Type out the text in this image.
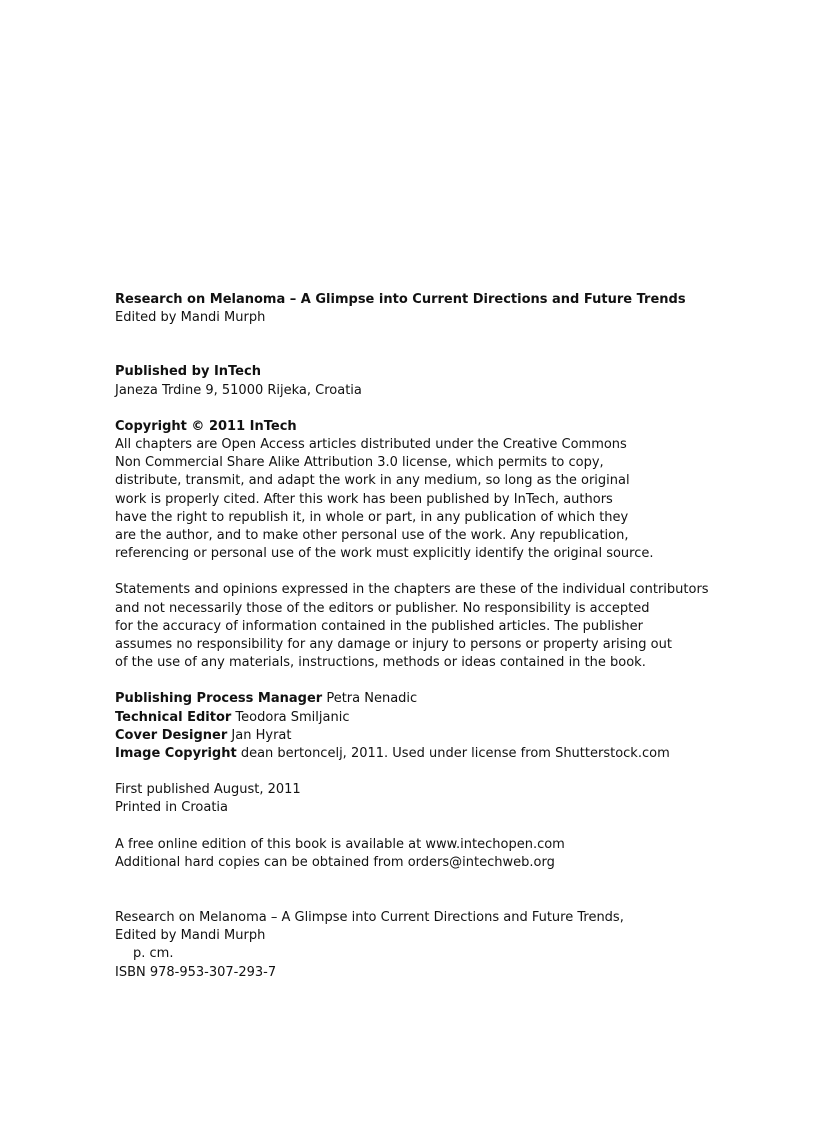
Research on Melanoma – A Glimpse into Current Directions and Future Trends
Edited by Mandi Murph
Published by InTech
Janeza Trdine 9, 51000 Rijeka, Croatia
Copyright © 2011 InTech
All chapters are Open Access articles distributed under the Creative Commons
Non Commercial Share Alike Attribution 3.0 license, which permits to copy,
distribute, transmit, and adapt the work in any medium, so long as the original
work is properly cited. After this work has been published by InTech, authors
have the right to republish it, in whole or part, in any publication of which they
are the author, and to make other personal use of the work. Any republication,
referencing or personal use of the work must explicitly identify the original source.
Statements and opinions expressed in the chapters are these of the individual contributors
and not necessarily those of the editors or publisher. No responsibility is accepted
for the accuracy of information contained in the published articles. The publisher
assumes no responsibility for any damage or injury to persons or property arising out
of the use of any materials, instructions, methods or ideas contained in the book.
Publishing Process Manager Petra Nenadic
Technical Editor Teodora Smiljanic
Cover Designer Jan Hyrat
Image Copyright dean bertoncelj, 2011. Used under license from Shutterstock.com
First published August, 2011
Printed in Croatia
A free online edition of this book is available at www.intechopen.com
Additional hard copies can be obtained from orders@intechweb.org
Research on Melanoma – A Glimpse into Current Directions and Future Trends,
Edited by Mandi Murph
p. cm.
ISBN 978-953-307-293-7
